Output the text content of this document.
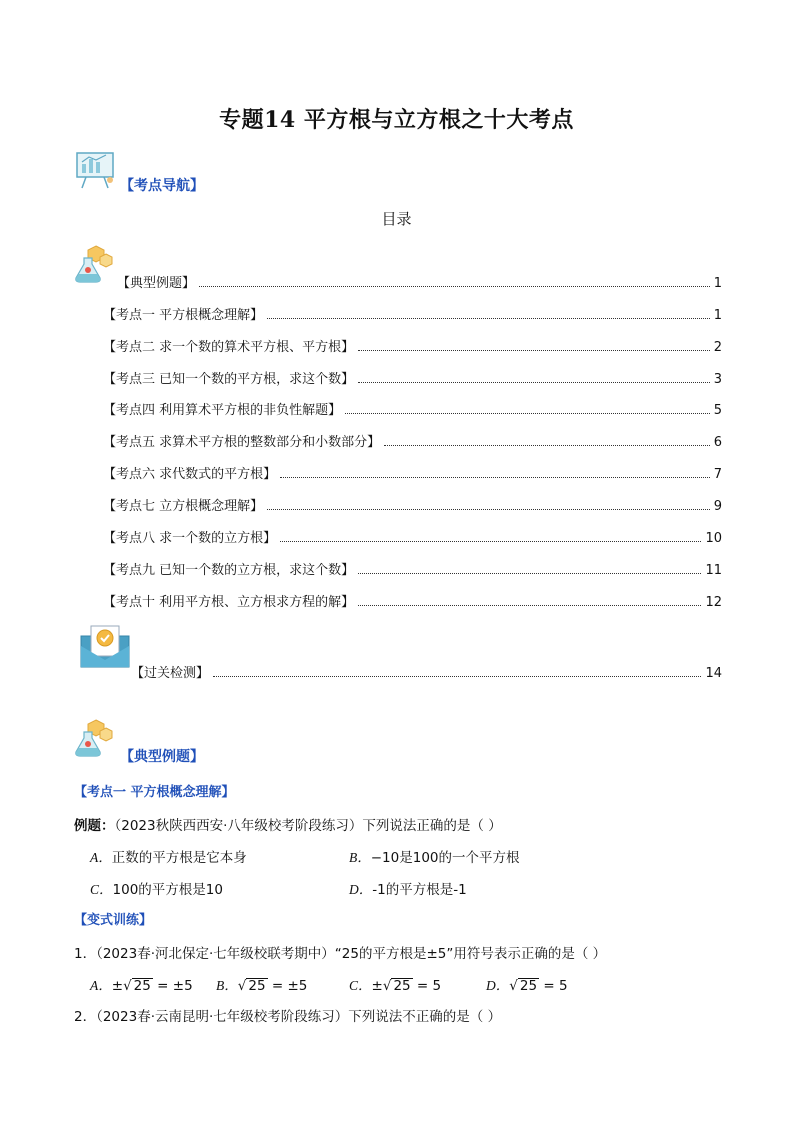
专题14 平方根与立方根之十大考点
【考点导航】
目录
【典型例题】	1
【考点一 平方根概念理解】	1
【考点二 求一个数的算术平方根、平方根】	2
【考点三 已知一个数的平方根，求这个数】	3
【考点四 利用算术平方根的非负性解题】	5
【考点五 求算术平方根的整数部分和小数部分】	6
【考点六 求代数式的平方根】	7
【考点七 立方根概念理解】	9
【考点八 求一个数的立方根】	10
【考点九 已知一个数的立方根，求这个数】	11
【考点十 利用平方根、立方根求方程的解】	12
【过关检测】	14
【典型例题】
【考点一 平方根概念理解】
例题：（2023秋陕西西安·八年级校考阶段练习）下列说法正确的是（ ）
A．正数的平方根是它本身	B．−10是100的一个平方根
C．100的平方根是10	D．-1的平方根是-1
【变式训练】
1．（2023春·河北保定·七年级校联考期中）“25的平方根是±5”用符号表示正确的是（ ）
A．±√ 25 = ±5 B．√ 25 = ±5	C．±√ 25 = 5	D．√ 25 = 5
2．（2023春·云南昆明·七年级校考阶段练习）下列说法不正确的是（ ）
